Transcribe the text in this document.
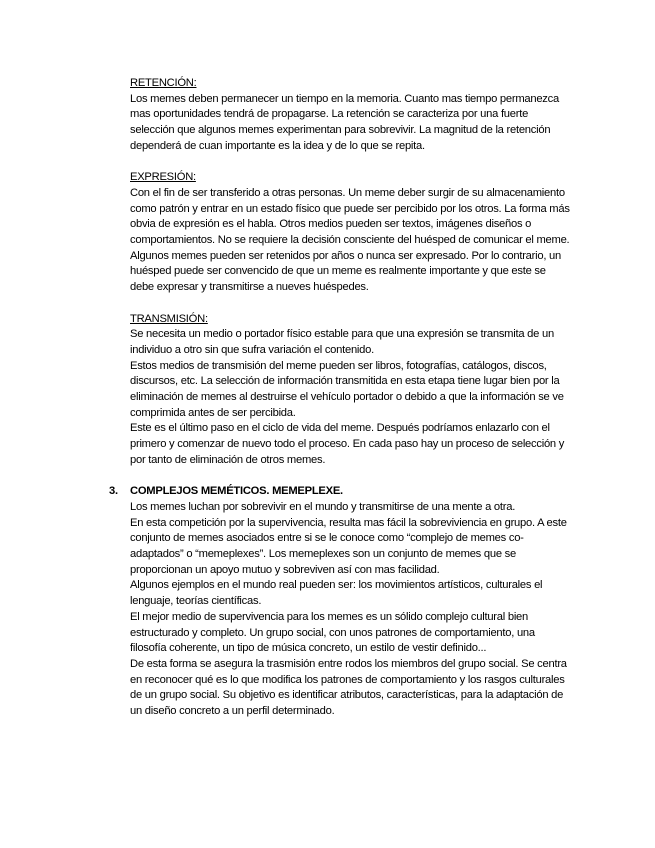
RETENCIÓN:

Los memes deben permanecer un tiempo en la memoria. Cuanto mas tiempo permanezca mas oportunidades tendrá de propagarse. La retención se caracteriza por una fuerte selección que algunos memes experimentan para sobrevivir. La magnitud de la retención dependerá de cuan importante es la idea y de lo que se repita.

EXPRESIÓN:

Con el fin de ser transferido a otras personas. Un meme deber surgir de su almacenamiento como patrón y entrar en un estado físico que puede ser percibido por los otros. La forma más obvia de expresión es el habla. Otros medios pueden ser textos, imágenes diseños o comportamientos. No se requiere la decisión consciente del huésped de comunicar el meme. Algunos memes pueden ser retenidos por años o nunca ser expresado. Por lo contrario, un huésped puede ser convencido de que un meme es realmente importante y que este se debe expresar y transmitirse a nueves huéspedes.

TRANSMISIÓN:

Se necesita un medio o portador físico estable para que una expresión se transmita de un individuo a otro sin que sufra variación el contenido.

Estos medios de transmisión del meme pueden ser libros, fotografías, catálogos, discos, discursos, etc. La selección de información transmitida en esta etapa tiene lugar bien por la eliminación de memes al destruirse el vehículo portador o debido a que la información se ve comprimida antes de ser percibida.

Este es el último paso en el ciclo de vida del meme. Después podríamos enlazarlo con el primero y comenzar de nuevo todo el proceso. En cada paso hay un proceso de selección y por tanto de eliminación de otros memes.

3. COMPLEJOS MEMÉTICOS. MEMEPLEXE.

Los memes luchan por sobrevivir en el mundo y transmitirse de una mente a otra.

En esta competición por la supervivencia, resulta mas fácil la sobreviviencia en grupo. A este conjunto de memes asociados entre si se le conoce como “complejo de memes co-adaptados” o “memeplexes”. Los memeplexes son un conjunto de memes que se proporcionan un apoyo mutuo y sobreviven así con mas facilidad.

Algunos ejemplos en el mundo real pueden ser: los movimientos artísticos, culturales el lenguaje, teorías científicas.

El mejor medio de supervivencia para los memes es un sólido complejo cultural bien estructurado y completo. Un grupo social, con unos patrones de comportamiento, una filosofía coherente, un tipo de música concreto, un estilo de vestir definido...

De esta forma se asegura la trasmisión entre rodos los miembros del grupo social. Se centra en reconocer qué es lo que modifica los patrones de comportamiento y los rasgos culturales de un grupo social. Su objetivo es identificar atributos, características, para la adaptación de un diseño concreto a un perfil determinado.
